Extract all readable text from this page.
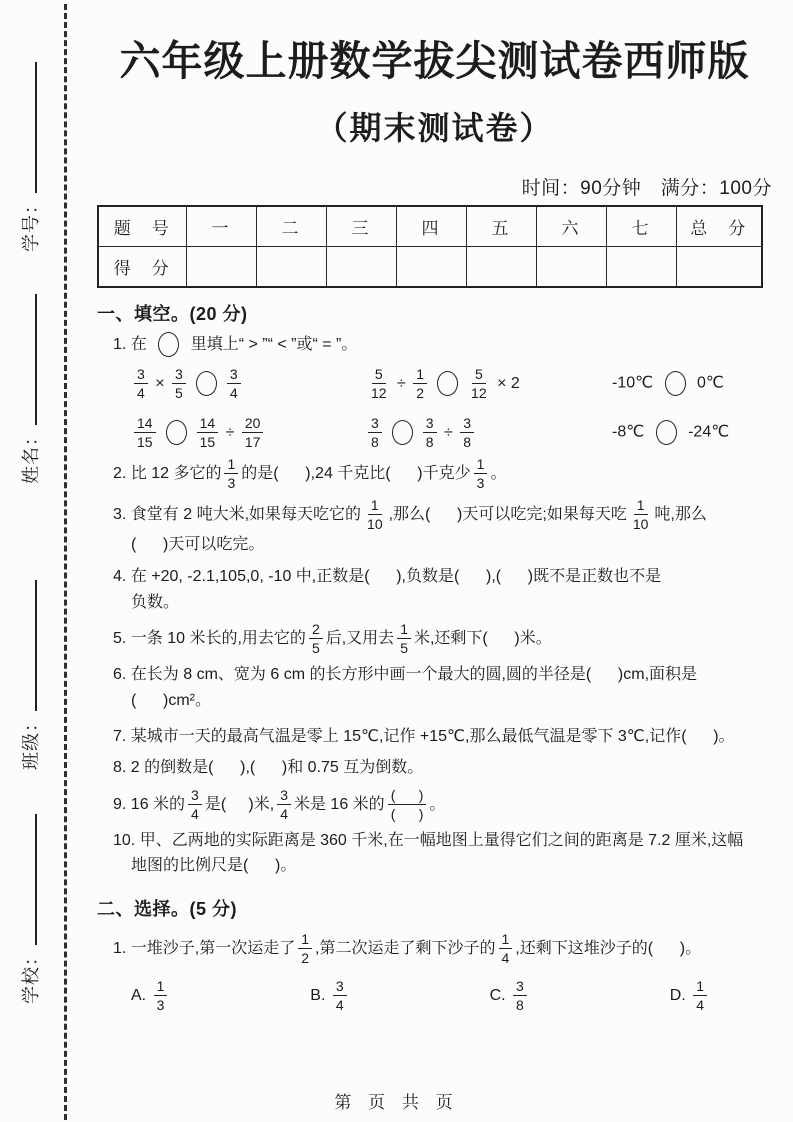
学号：
姓名：
班级：
学校：
六年级上册数学拔尖测试卷西师版
（期末测试卷）
时间：90分钟　满分：100分
题　号	一	二	三	四	五	六	七	总　分
得　分								
一、填空。(20 分)
1. 在  里填上“ > ”“ < ”或“ = ”。
$\frac{3}{4} \times \frac{3}{5}$	$\frac{3}{4}$	$\frac{5}{12} \div \frac{1}{2}$	$\frac{5}{12} \times 2$	-10℃  0℃
$\frac{14}{15}$	$\frac{14}{15} \div \frac{20}{17}$	$\frac{3}{8}$	$\frac{3}{8} \div \frac{3}{8}$	-8℃  -24℃
2. 比 12 多它的 $\frac{1}{3}$ 的是(      ),24 千克比(      )千克少 $\frac{1}{3}$ 。
3. 食堂有 2 吨大米,如果每天吃它的 $\frac{1}{10}$ ,那么(      )天可以吃完;如果每天吃 $\frac{1}{10}$ 吨,那么
(      )天可以吃完。
4. 在 +20, -2.1,105,0, -10 中,正数是(      ),负数是(      ),(      )既不是正数也不是
负数。
5. 一条 10 米长的,用去它的 $\frac{2}{5}$ 后,又用去 $\frac{1}{5}$ 米,还剩下(      )米。
6. 在长为 8 cm、宽为 6 cm 的长方形中画一个最大的圆,圆的半径是(      )cm,面积是
(      )cm²。
7. 某城市一天的最高气温是零上 15℃,记作 +15℃,那么最低气温是零下 3℃,记作(      )。
8. 2 的倒数是(      ),(      )和 0.75 互为倒数。
9. 16 米的 $\frac{3}{4}$ 是(     )米, $\frac{3}{4}$ 米是 16 米的 $\frac{( )}{( )}$ 。
10. 甲、乙两地的实际距离是 360 千米,在一幅地图上量得它们之间的距离是 7.2 厘米,这幅
地图的比例尺是(      )。
二、选择。(5 分)
1. 一堆沙子,第一次运走了 $\frac{1}{2}$ ,第二次运走了剩下沙子的 $\frac{1}{4}$ ,还剩下这堆沙子的(      )。
A. $\frac{1}{3}$	B. $\frac{3}{4}$	C. $\frac{3}{8}$	D. $\frac{1}{4}$
第 页 共 页
